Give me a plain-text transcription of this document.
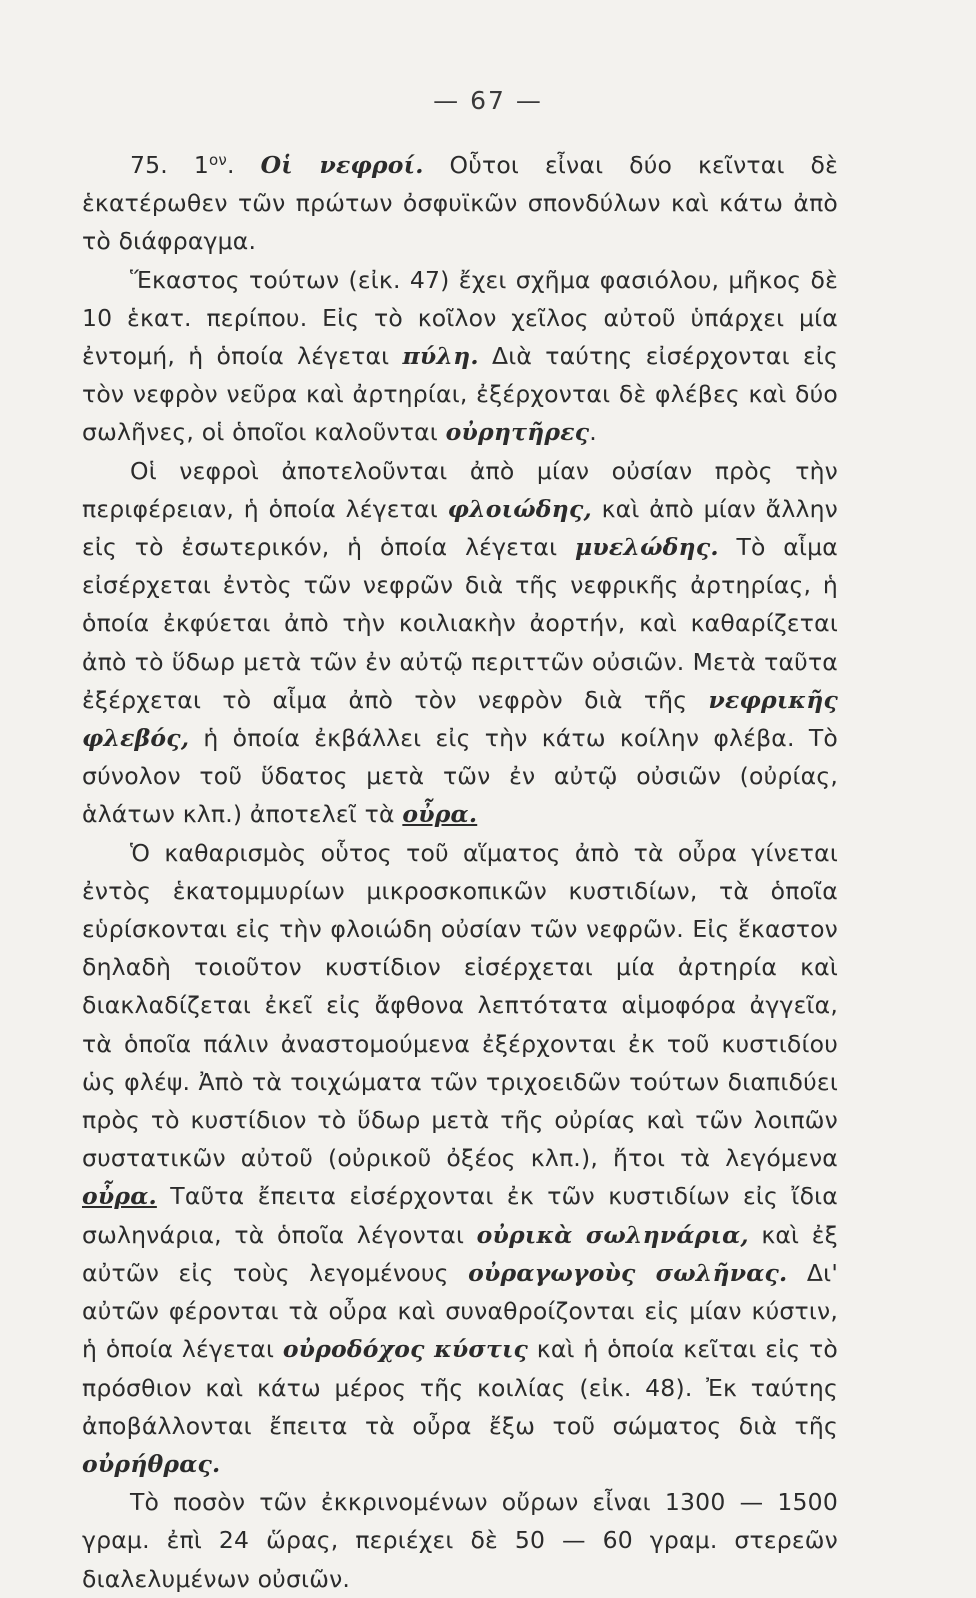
— 67 —

75. $1^{o\nu}$. Οἱ νεφροί. Οὗτοι εἶναι δύο κεῖνται δὲ ἑκατέρωθεν τῶν πρώτων ὀσφυϊκῶν σπονδύλων καὶ κάτω ἀπὸ τὸ διάφραγμα.

Ἕκαστος τούτων (εἰκ. 47) ἔχει σχῆμα φασιόλου, μῆκος δὲ 10 ἑκατ. περίπου. Εἰς τὸ κοῖλον χεῖλος αὐτοῦ ὑπάρχει μία ἐντομή, ἡ ὁποία λέγεται πύλη. Διὰ ταύτης εἰσέρχονται εἰς τὸν νεφρὸν νεῦρα καὶ ἀρτηρίαι, ἐξέρχονται δὲ φλέβες καὶ δύο σωλῆνες, οἱ ὁποῖοι καλοῦνται οὐρητῆρες.

Οἱ νεφροὶ ἀποτελοῦνται ἀπὸ μίαν οὐσίαν πρὸς τὴν περιφέρειαν, ἡ ὁποία λέγεται φλοιώδης, καὶ ἀπὸ μίαν ἄλλην εἰς τὸ ἐσωτερικόν, ἡ ὁποία λέγεται μυελώδης. Τὸ αἷμα εἰσέρχεται ἐντὸς τῶν νεφρῶν διὰ τῆς νεφρικῆς ἀρτηρίας, ἡ ὁποία ἐκφύεται ἀπὸ τὴν κοιλιακὴν ἀορτήν, καὶ καθαρίζεται ἀπὸ τὸ ὕδωρ μετὰ τῶν ἐν αὐτῷ περιττῶν οὐσιῶν. Μετὰ ταῦτα ἐξέρχεται τὸ αἷμα ἀπὸ τὸν νεφρὸν διὰ τῆς νεφρικῆς φλεβός, ἡ ὁποία ἐκβάλλει εἰς τὴν κάτω κοίλην φλέβα. Τὸ σύνολον τοῦ ὕδατος μετὰ τῶν ἐν αὐτῷ οὐσιῶν (οὐρίας, ἁλάτων κλπ.) ἀποτελεῖ τὰ οὖρα.

Ὁ καθαρισμὸς οὗτος τοῦ αἵματος ἀπὸ τὰ οὖρα γίνεται ἐντὸς ἑκατομμυρίων μικροσκοπικῶν κυστιδίων, τὰ ὁποῖα εὑρίσκονται εἰς τὴν φλοιώδη οὐσίαν τῶν νεφρῶν. Εἰς ἕκαστον δηλαδὴ τοιοῦτον κυστίδιον εἰσέρχεται μία ἀρτηρία καὶ διακλαδίζεται ἐκεῖ εἰς ἄφθονα λεπτότατα αἱμοφόρα ἀγγεῖα, τὰ ὁποῖα πάλιν ἀναστομούμενα ἐξέρχονται ἐκ τοῦ κυστιδίου ὡς φλέψ. Ἀπὸ τὰ τοιχώματα τῶν τριχοειδῶν τούτων διαπιδύει πρὸς τὸ κυστίδιον τὸ ὕδωρ μετὰ τῆς οὐρίας καὶ τῶν λοιπῶν συστατικῶν αὐτοῦ (οὐρικοῦ ὀξέος κλπ.), ἤτοι τὰ λεγόμενα οὖρα. Ταῦτα ἔπειτα εἰσέρχονται ἐκ τῶν κυστιδίων εἰς ἴδια σωληνάρια, τὰ ὁποῖα λέγονται οὐρικὰ σωληνάρια, καὶ ἐξ αὐτῶν εἰς τοὺς λεγομένους οὐραγωγοὺς σωλῆνας. Δι' αὐτῶν φέρονται τὰ οὖρα καὶ συναθροίζονται εἰς μίαν κύστιν, ἡ ὁποία λέγεται οὐροδόχος κύστις καὶ ἡ ὁποία κεῖται εἰς τὸ πρόσθιον καὶ κάτω μέρος τῆς κοιλίας (εἰκ. 48). Ἐκ ταύτης ἀποβάλλονται ἔπειτα τὰ οὖρα ἔξω τοῦ σώματος διὰ τῆς οὐρήθρας.

Τὸ ποσὸν τῶν ἐκκρινομένων οὔρων εἶναι 1300 — 1500 γραμ. ἐπὶ 24 ὥρας, περιέχει δὲ 50 — 60 γραμ. στερεῶν διαλελυμένων οὐσιῶν.
